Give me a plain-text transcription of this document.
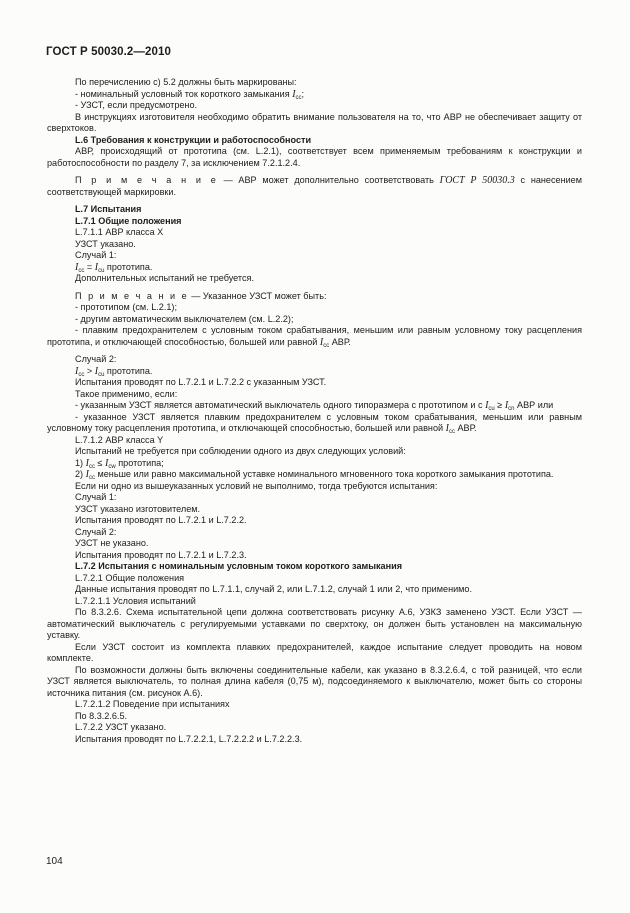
ГОСТ Р 50030.2—2010

По перечислению с) 5.2 должны быть маркированы:

- номинальный условный ток короткого замыкания $I_{cc}$;

- УЗСТ, если предусмотрено.

В инструкциях изготовителя необходимо обратить внимание пользователя на то, что АВР не обеспечивает защиту от сверхтоков.

L.6 Требования к конструкции и работоспособности

АВР, происходящий от прототипа (см. L.2.1), соответствует всем применяемым требованиям к конструкции и работоспособности по разделу 7, за исключением 7.2.1.2.4.

П р и м е ч а н и е — АВР может дополнительно соответствовать ГОСТ Р 50030.3 с нанесением соответствующей маркировки.

L.7 Испытания

L.7.1 Общие положения

L.7.1.1 АВР класса Х

УЗСТ указано.

Случай 1:

$I_{cc} = I_{cu}$ прототипа.

Дополнительных испытаний не требуется.

П р и м е ч а н и е — Указанное УЗСТ может быть:

- прототипом (см. L.2.1);

- другим автоматическим выключателем (см. L.2.2);

- плавким предохранителем с условным током срабатывания, меньшим или равным условному току расцепления прототипа, и отключающей способностью, большей или равной $I_{cc}$ АВР.

Случай 2:

$I_{cc} > I_{cu}$ прототипа.

Испытания проводят по L.7.2.1 и L.7.2.2 с указанным УЗСТ.

Такое применимо, если:

- указанным УЗСТ является автоматический выключатель одного типоразмера с прототипом и с $I_{cu} \ge I_{cn}$ АВР или

- указанное УЗСТ является плавким предохранителем с условным током срабатывания, меньшим или равным условному току расцепления прототипа, и отключающей способностью, большей или равной $I_{cc}$ АВР.

L.7.1.2 АВР класса Y

Испытаний не требуется при соблюдении одного из двух следующих условий:

1) $I_{cc} \le I_{cw}$ прототипа;

2) $I_{cc}$ меньше или равно максимальной уставке номинального мгновенного тока короткого замыкания прототипа.

Если ни одно из вышеуказанных условий не выполнимо, тогда требуются испытания:

Случай 1:

УЗСТ указано изготовителем.

Испытания проводят по L.7.2.1 и L.7.2.2.

Случай 2:

УЗСТ не указано.

Испытания проводят по L.7.2.1 и L.7.2.3.

L.7.2 Испытания с номинальным условным током короткого замыкания

L.7.2.1 Общие положения

Данные испытания проводят по L.7.1.1, случай 2, или L.7.1.2, случай 1 или 2, что применимо.

L.7.2.1.1 Условия испытаний

По 8.3.2.6. Схема испытательной цепи должна соответствовать рисунку А.6, УЗКЗ заменено УЗСТ. Если УЗСТ — автоматический выключатель с регулируемыми уставками по сверхтоку, он должен быть установлен на максимальную уставку.

Если УЗСТ состоит из комплекта плавких предохранителей, каждое испытание следует проводить на новом комплекте.

По возможности должны быть включены соединительные кабели, как указано в 8.3.2.6.4, с той разницей, что если УЗСТ является выключатель, то полная длина кабеля (0,75 м), подсоединяемого к выключателю, может быть со стороны источника питания (см. рисунок А.6).

L.7.2.1.2 Поведение при испытаниях

По 8.3.2.6.5.

L.7.2.2 УЗСТ указано.

Испытания проводят по L.7.2.2.1, L.7.2.2.2 и L.7.2.2.3.

104
